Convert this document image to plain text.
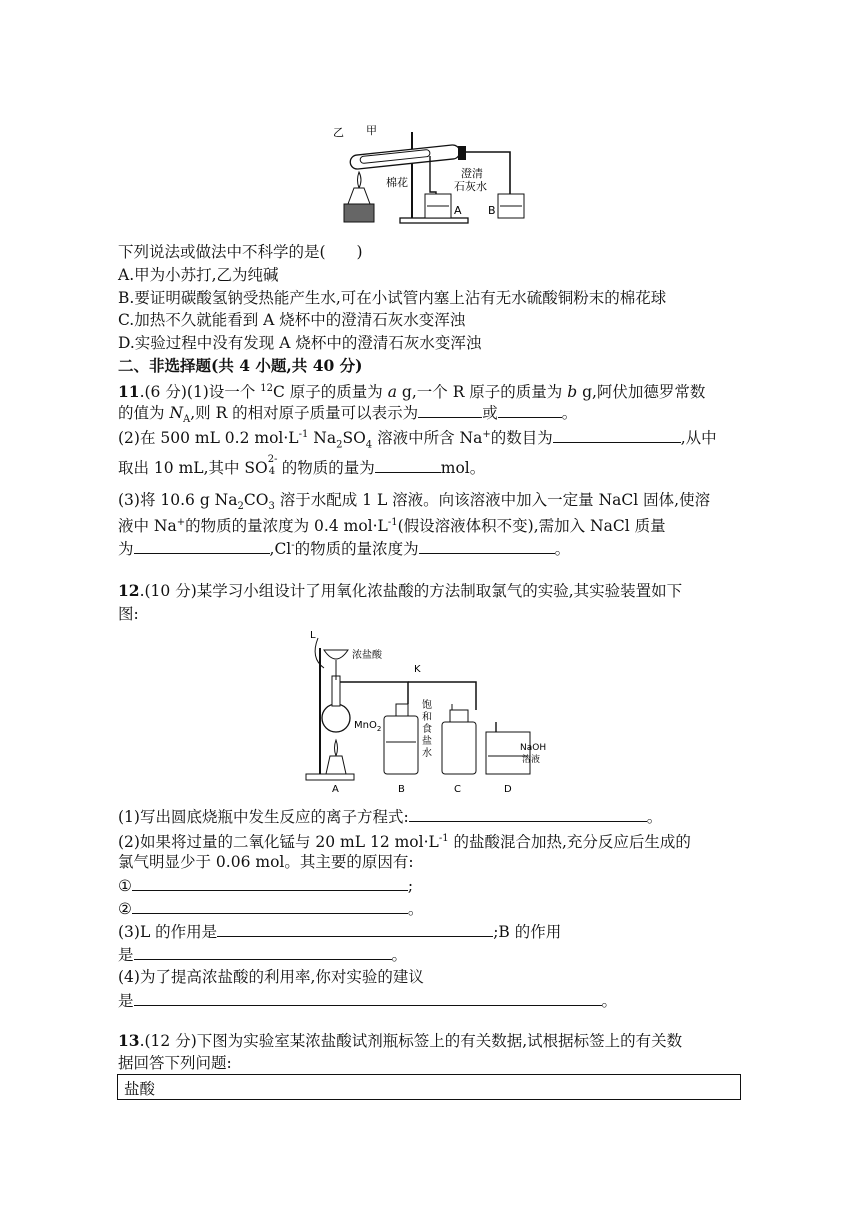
乙 甲
棉花
澄清
石灰水
A B
下列说法或做法中不科学的是(　　)
A.甲为小苏打,乙为纯碱
B.要证明碳酸氢钠受热能产生水,可在小试管内塞上沾有无水硫酸铜粉末的棉花球
C.加热不久就能看到 A 烧杯中的澄清石灰水变浑浊
D.实验过程中没有发现 A 烧杯中的澄清石灰水变浑浊
二、非选择题(共 4 小题,共 40 分)
11.(6 分)(1)设一个 $^{12}$C 原子的质量为 a g,一个 R 原子的质量为 b g,阿伏加德罗常数
的值为 $N_A$,则 R 的相对原子质量可以表示为	或	。
(2)在 500 mL 0.2 $mol\cdot L^{-1}$ $Na_2SO_4$ 溶液中所含 Na+的数目为	,从中
取出 10 mL,其中 SO 2-
4 的物质的量为	mol。
(3)将 10.6 g $Na_2CO_3$ 溶于水配成 1 L 溶液。向该溶液中加入一定量 NaCl 固体,使溶
液中 Na+的物质的量浓度为 0.4 $mol\cdot L^{-1}$(假设溶液体积不变),需加入 NaCl 质量
为	,Cl-的物质的量浓度为	。
12.(10 分)某学习小组设计了用氧化浓盐酸的方法制取氯气的实验,其实验装置如下
图:
L
浓盐酸
K
MnO$_2$
饱
和
食
盐
水	NaOH
溶液
A	B	C	D
(1)写出圆底烧瓶中发生反应的离子方程式:	。
(2)如果将过量的二氧化锰与 20 mL 12 $mol\cdot L^{-1}$ 的盐酸混合加热,充分反应后生成的
氯气明显少于 0.06 mol。其主要的原因有:
①	;
②	。
(3)L 的作用是	;B 的作用
是	。
(4)为了提高浓盐酸的利用率,你对实验的建议
是	。
13.(12 分)下图为实验室某浓盐酸试剂瓶标签上的有关数据,试根据标签上的有关数
据回答下列问题:
盐酸
